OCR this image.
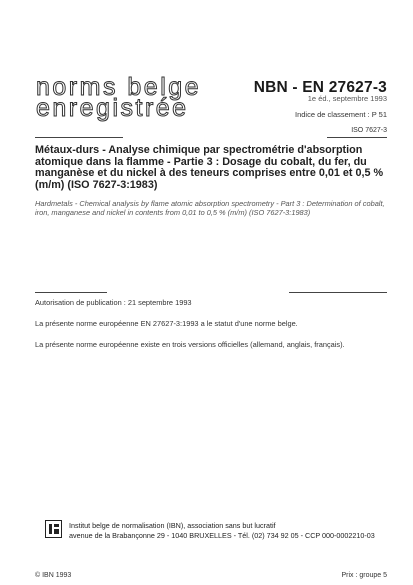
norms belge
enregistrée
NBN - EN 27627-3
1e éd., septembre 1993
Indice de classement : P 51
ISO 7627-3
Métaux-durs - Analyse chimique par spectrométrie d'absorption atomique dans la flamme - Partie 3 : Dosage du cobalt, du fer, du manganèse et du nickel à des teneurs comprises entre 0,01 et 0,5 % (m/m) (ISO 7627-3:1983)
Hardmetals - Chemical analysis by flame atomic absorption spectrometry - Part 3 : Determination of cobalt, iron, manganese and nickel in contents from 0,01 to 0,5 % (m/m) (ISO 7627-3:1983)
Autorisation de publication : 21 septembre 1993
La présente norme européenne EN 27627-3:1993 a le statut d'une norme belge.
La présente norme européenne existe en trois versions officielles (allemand, anglais, français).
Institut belge de normalisation (IBN), association sans but lucratif
avenue de la Brabançonne 29 - 1040 BRUXELLES - Tél. (02) 734 92 05 - CCP 000-0002210-03
© IBN 1993	Prix : groupe 5
